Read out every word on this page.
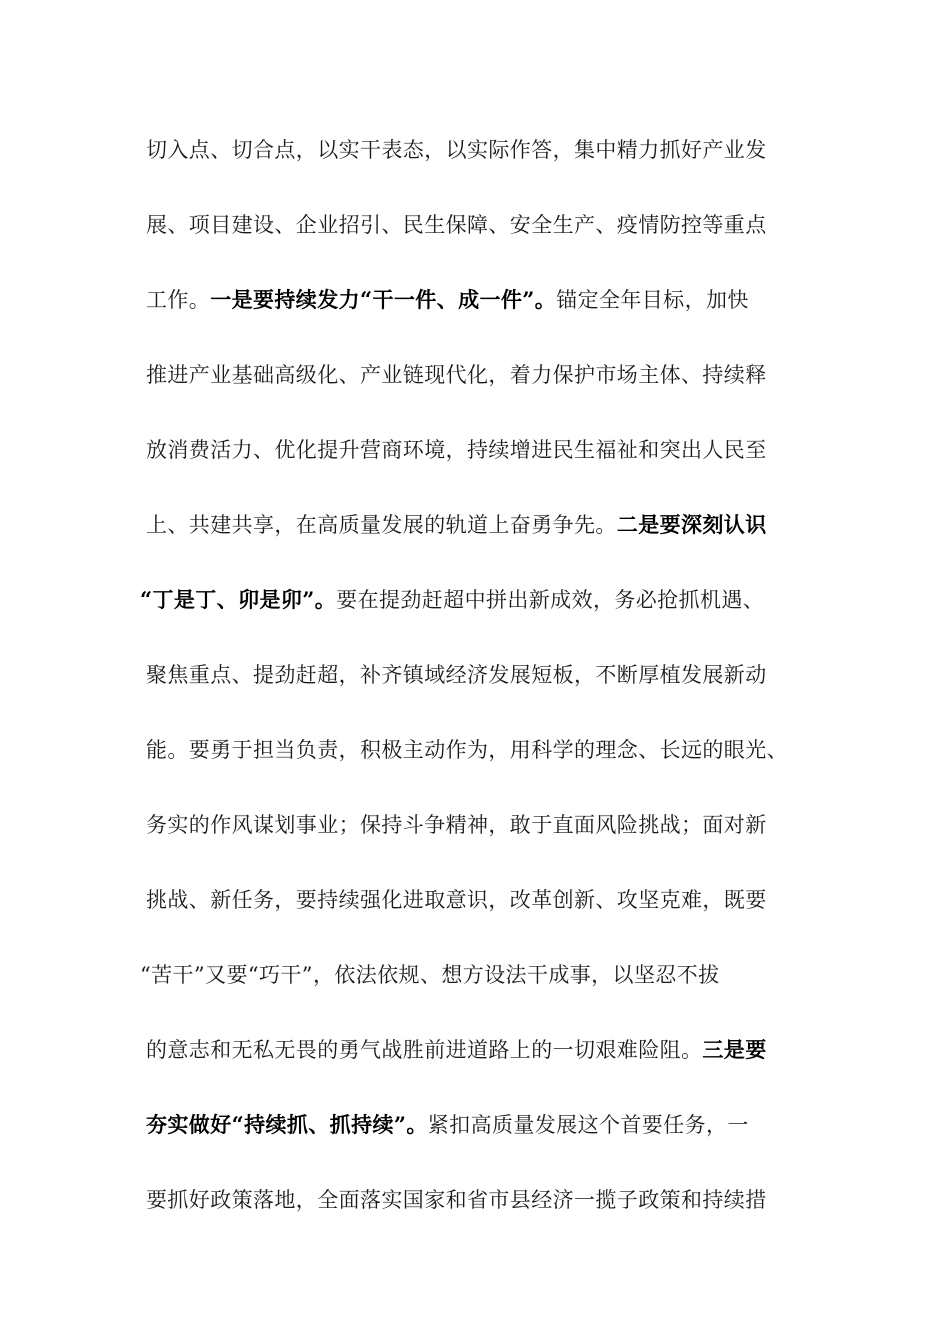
切入点、切合点，以实干表态，以实际作答，集中精力抓好产业发
展、项目建设、企业招引、民生保障、安全生产、疫情防控等重点
工作。一是要持续发力“干一件、成一件”。锚定全年目标，加快
推进产业基础高级化、产业链现代化，着力保护市场主体、持续释
放消费活力、优化提升营商环境，持续增进民生福祉和突出人民至
上、共建共享，在高质量发展的轨道上奋勇争先。二是要深刻认识
“丁是丁、卯是卯”。要在提劲赶超中拼出新成效，务必抢抓机遇、
聚焦重点、提劲赶超，补齐镇域经济发展短板，不断厚植发展新动
能。要勇于担当负责，积极主动作为，用科学的理念、长远的眼光、
务实的作风谋划事业；保持斗争精神，敢于直面风险挑战；面对新
挑战、新任务，要持续强化进取意识，改革创新、攻坚克难，既要
“苦干”又要“巧干”，依法依规、想方设法干成事，以坚忍不拔
的意志和无私无畏的勇气战胜前进道路上的一切艰难险阻。三是要
夯实做好“持续抓、抓持续”。紧扣高质量发展这个首要任务，一
要抓好政策落地，全面落实国家和省市县经济一揽子政策和持续措
